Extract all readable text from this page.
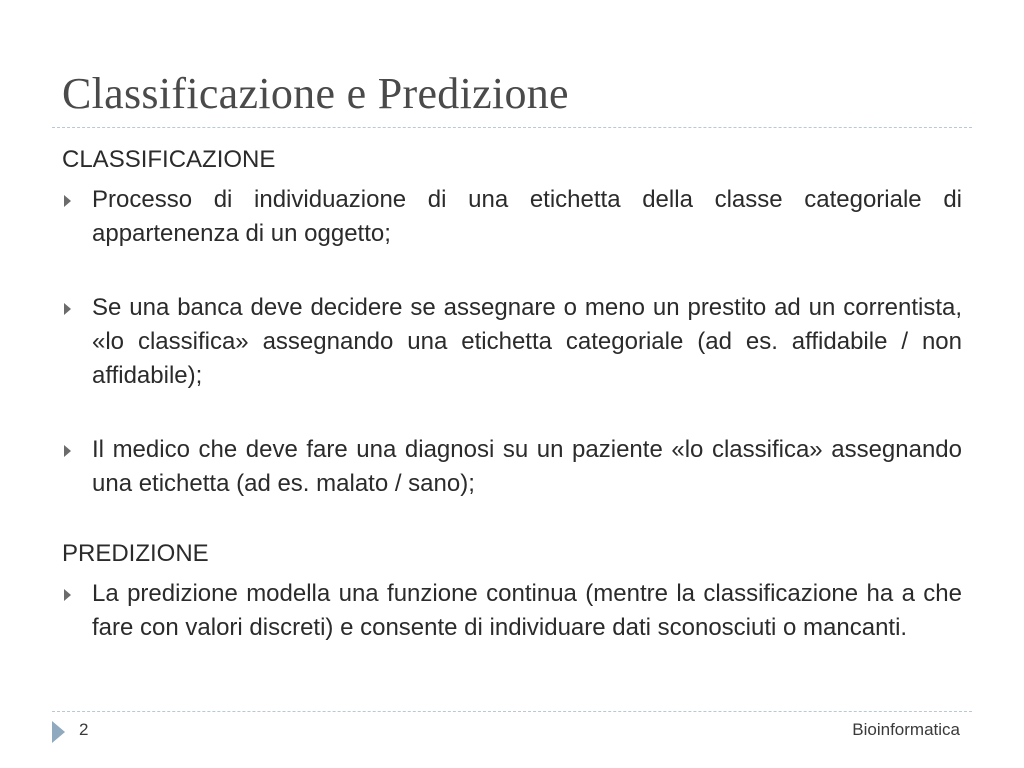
Classificazione e Predizione

CLASSIFICAZIONE

Processo di individuazione di una etichetta della classe categoriale di appartenenza di un oggetto;

Se una banca deve decidere se assegnare o meno un prestito ad un correntista, «lo classifica» assegnando una etichetta categoriale (ad es. affidabile / non affidabile);

Il medico che deve fare una diagnosi su un paziente «lo classifica» assegnando una etichetta (ad es. malato / sano);

PREDIZIONE

La predizione modella una funzione continua (mentre la classificazione ha a che fare con valori discreti) e consente di individuare dati sconosciuti o mancanti.

2	Bioinformatica
